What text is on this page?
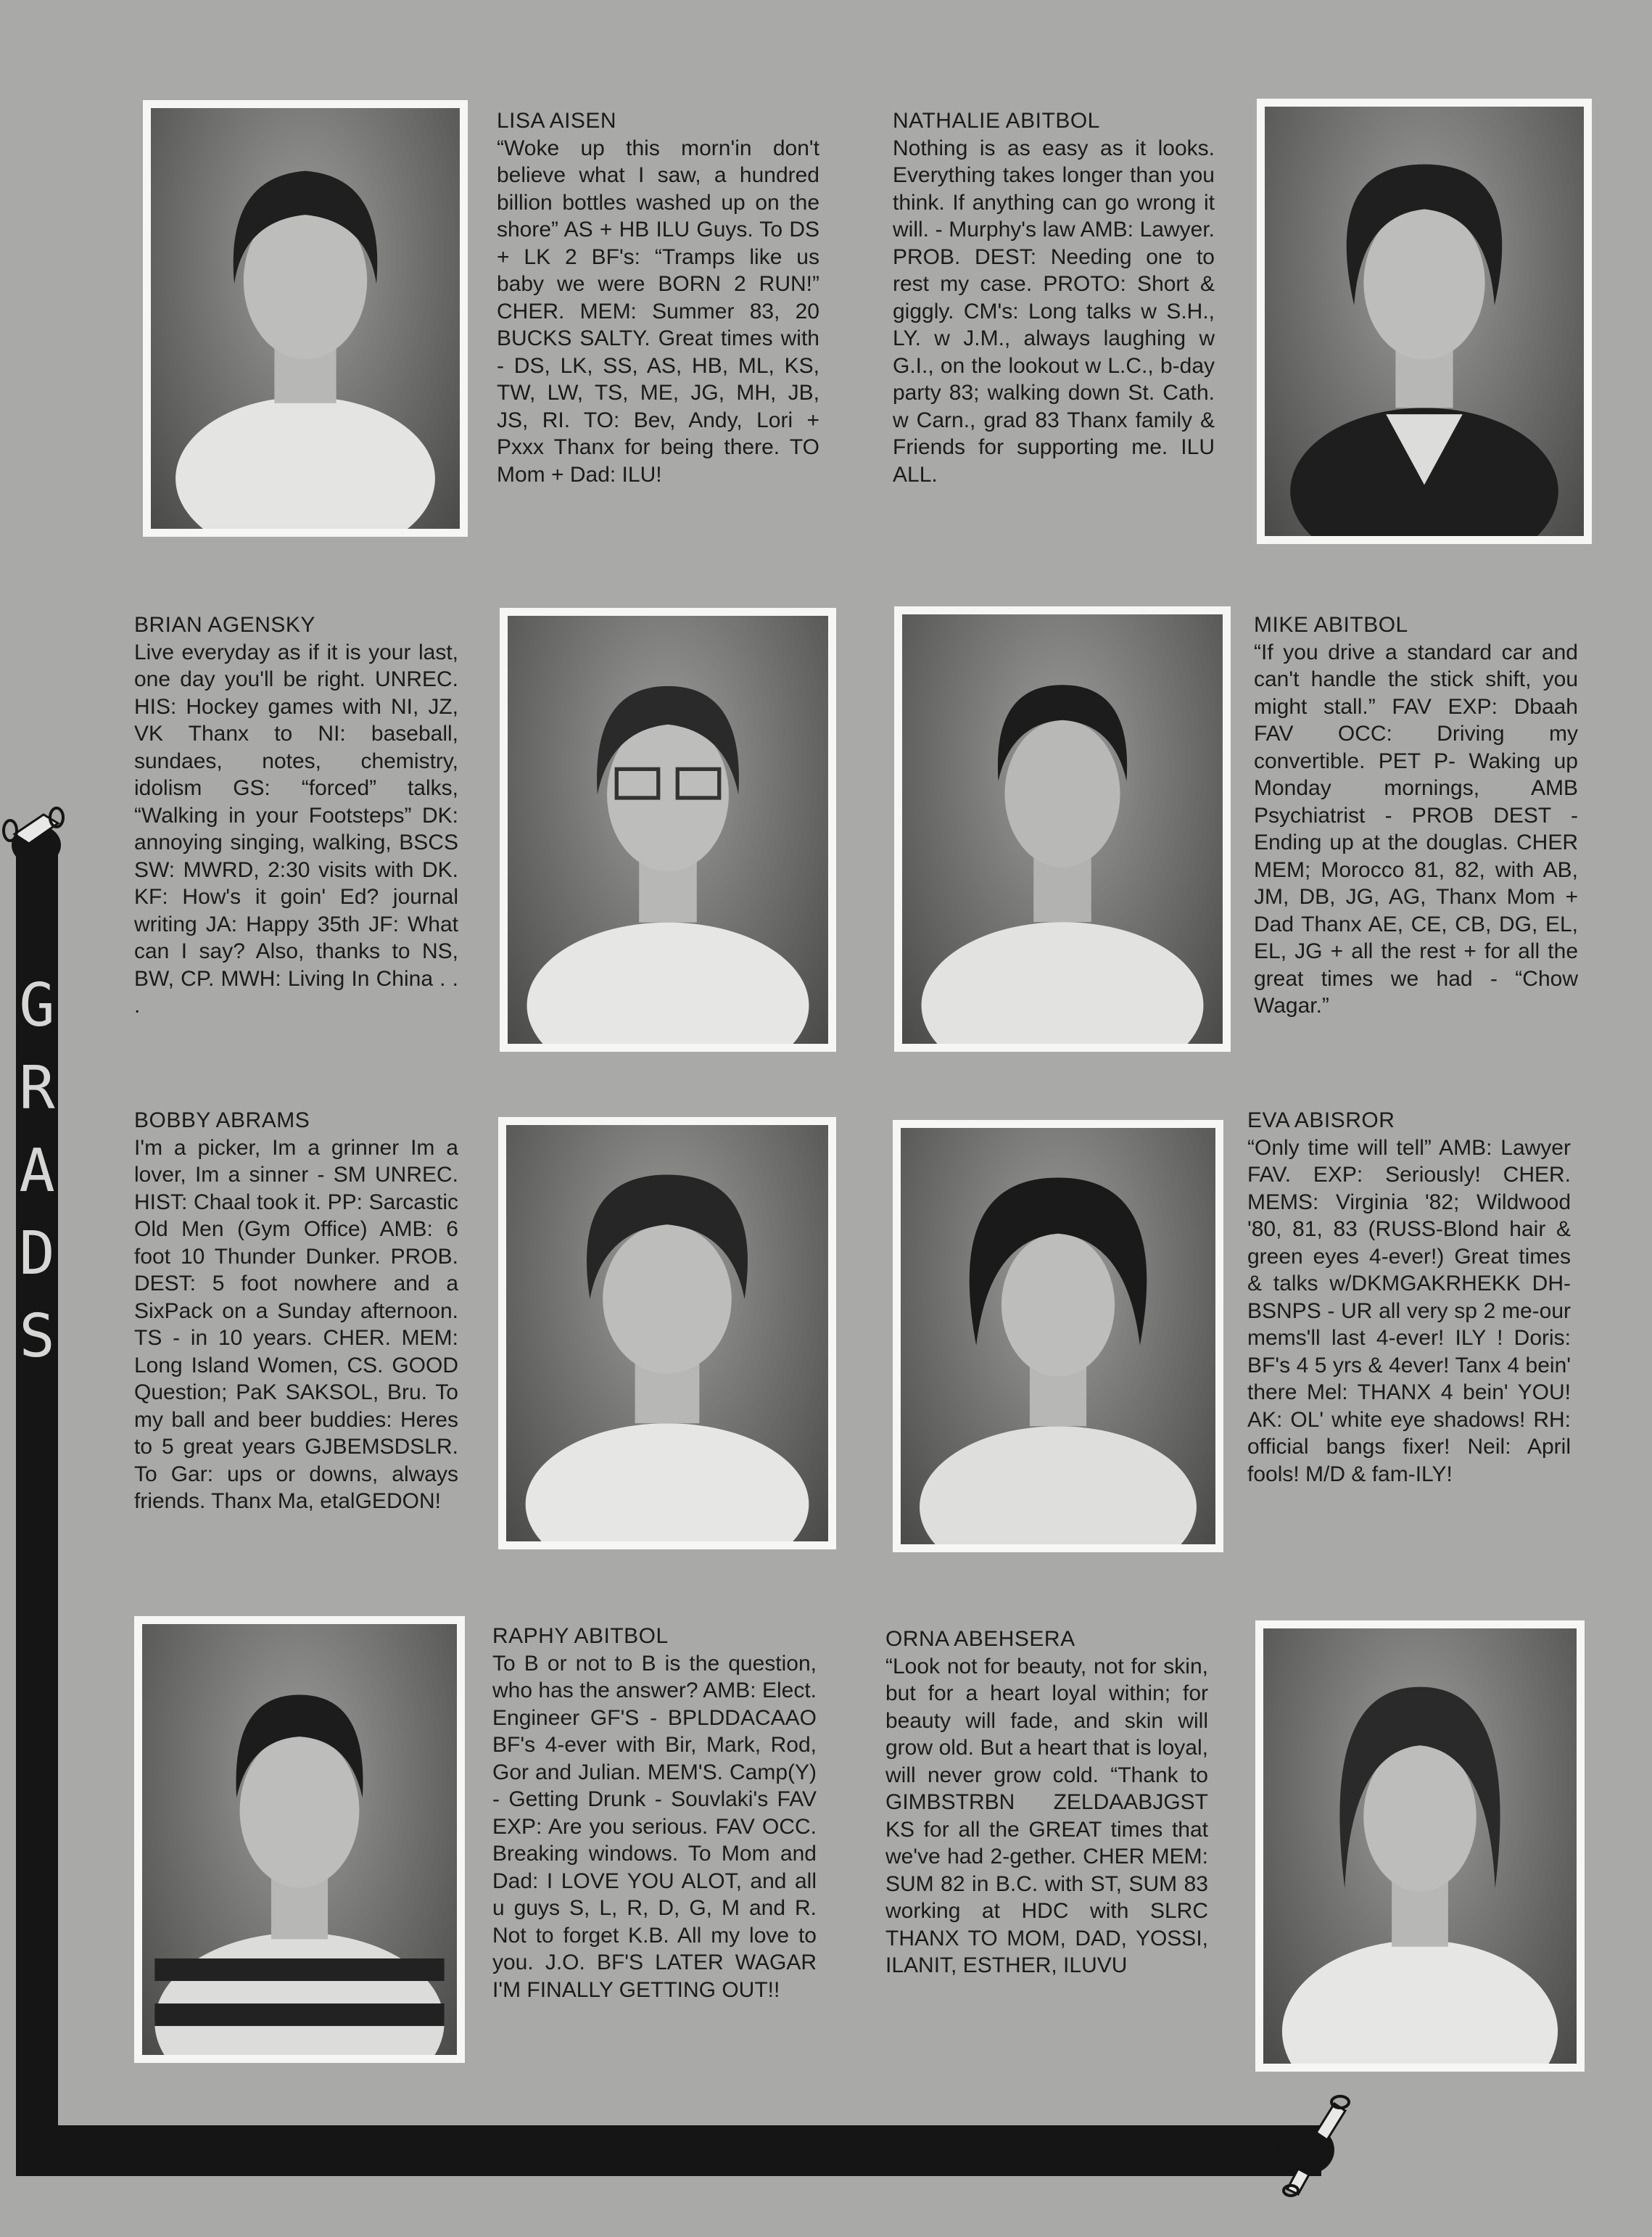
G
R
A
D
S
LISA AISEN
“Woke up this morn'in don't believe what I saw, a hundred billion bottles washed up on the shore” AS + HB ILU Guys. To DS + LK 2 BF's: “Tramps like us baby we were BORN 2 RUN!” CHER. MEM: Summer 83, 20 BUCKS SALTY. Great times with - DS, LK, SS, AS, HB, ML, KS, TW, LW, TS, ME, JG, MH, JB, JS, RI. TO: Bev, Andy, Lori + Pxxx Thanx for being there. TO Mom + Dad: ILU!
NATHALIE ABITBOL
Nothing is as easy as it looks. Everything takes longer than you think. If anything can go wrong it will. - Murphy's law AMB: Lawyer. PROB. DEST: Needing one to rest my case. PROTO: Short & giggly. CM's: Long talks w S.H., LY. w J.M., always laughing w G.I., on the lookout w L.C., b-day party 83; walking down St. Cath. w Carn., grad 83 Thanx family & Friends for supporting me. ILU ALL.
BRIAN AGENSKY
Live everyday as if it is your last, one day you'll be right. UNREC. HIS: Hockey games with NI, JZ, VK Thanx to NI: baseball, sundaes, notes, chemistry, idolism GS: “forced” talks, “Walking in your Footsteps” DK: annoying singing, walking, BSCS SW: MWRD, 2:30 visits with DK. KF: How's it goin' Ed? journal writing JA: Happy 35th JF: What can I say? Also, thanks to NS, BW, CP. MWH: Living In China . . .
MIKE ABITBOL
“If you drive a standard car and can't handle the stick shift, you might stall.” FAV EXP: Dbaah FAV OCC: Driving my convertible. PET P- Waking up Monday mornings, AMB Psychiatrist - PROB DEST - Ending up at the douglas. CHER MEM; Morocco 81, 82, with AB, JM, DB, JG, AG, Thanx Mom + Dad Thanx AE, CE, CB, DG, EL, EL, JG + all the rest + for all the great times we had - “Chow Wagar.”
BOBBY ABRAMS
I'm a picker, Im a grinner Im a lover, Im a sinner - SM UNREC. HIST: Chaal took it. PP: Sarcastic Old Men (Gym Office) AMB: 6 foot 10 Thunder Dunker. PROB. DEST: 5 foot nowhere and a SixPack on a Sunday afternoon. TS - in 10 years. CHER. MEM: Long Island Women, CS. GOOD Question; PaK SAKSOL, Bru. To my ball and beer buddies: Heres to 5 great years GJBEMSDSLR. To Gar: ups or downs, always friends. Thanx Ma, etalGEDON!
EVA ABISROR
“Only time will tell” AMB: Lawyer FAV. EXP: Seriously! CHER. MEMS: Virginia '82; Wildwood '80, 81, 83 (RUSS-Blond hair & green eyes 4-ever!) Great times & talks w/DKMGAKRHEKK DH-BSNPS - UR all very sp 2 me-our mems'll last 4-ever! ILY ! Doris: BF's 4 5 yrs & 4ever! Tanx 4 bein' there Mel: THANX 4 bein' YOU! AK: OL' white eye shadows! RH: official bangs fixer! Neil: April fools! M/D & fam-ILY!
RAPHY ABITBOL
To B or not to B is the question, who has the answer? AMB: Elect. Engineer GF'S - BPLDDACAAO BF's 4-ever with Bir, Mark, Rod, Gor and Julian. MEM'S. Camp(Y) - Getting Drunk - Souvlaki's FAV EXP: Are you serious. FAV OCC. Breaking windows. To Mom and Dad: I LOVE YOU ALOT, and all u guys S, L, R, D, G, M and R. Not to forget K.B. All my love to you. J.O. BF'S LATER WAGAR I'M FINALLY GETTING OUT!!
ORNA ABEHSERA
“Look not for beauty, not for skin, but for a heart loyal within; for beauty will fade, and skin will grow old. But a heart that is loyal, will never grow cold. “Thank to GIMBSTRBN ZELDAABJGST KS for all the GREAT times that we've had 2-gether. CHER MEM: SUM 82 in B.C. with ST, SUM 83 working at HDC with SLRC THANX TO MOM, DAD, YOSSI, ILANIT, ESTHER, ILUVU
